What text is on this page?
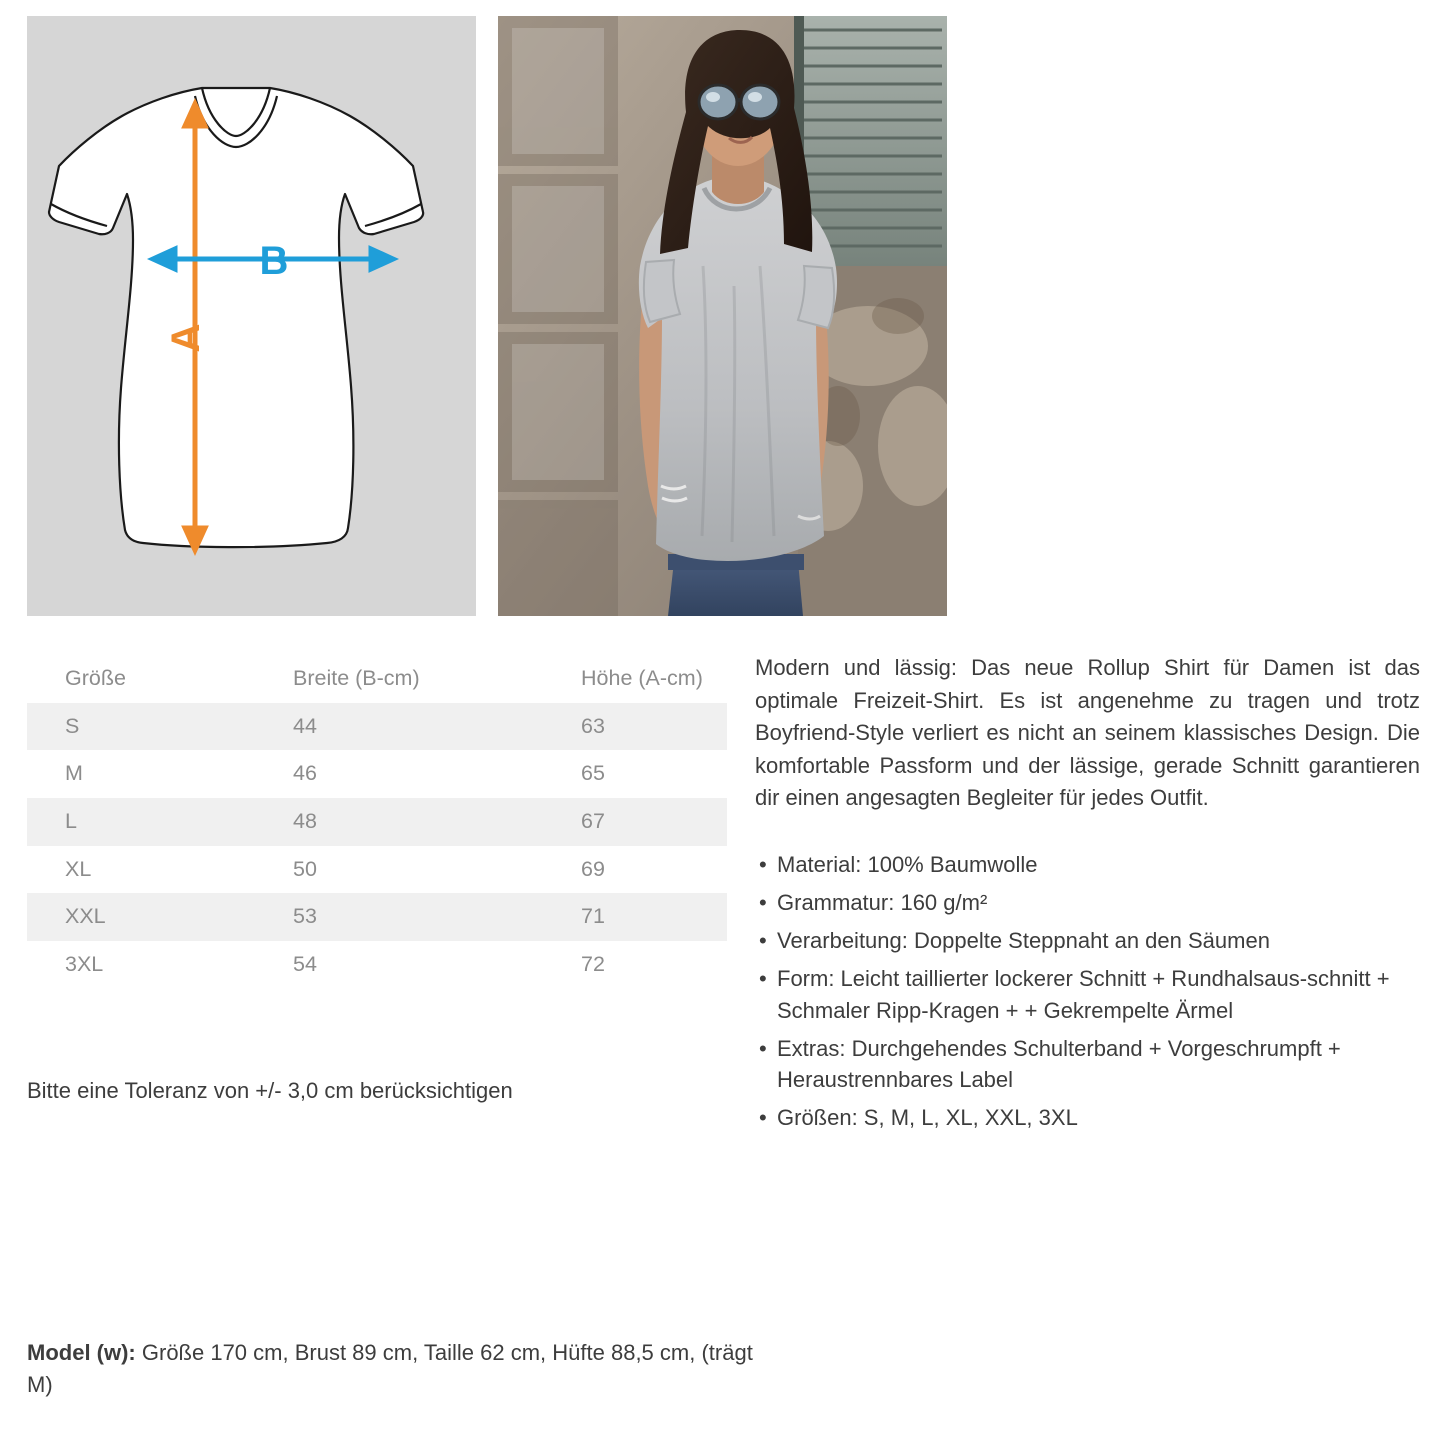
A
B
Größe	Breite (B-cm)	Höhe (A-cm)
S	44	63
M	46	65
L	48	67
XL	50	69
XXL	53	71
3XL	54	72
Bitte eine Toleranz von +/- 3,0 cm berücksichtigen

Modern und lässig: Das neue Rollup Shirt für Damen ist das optimale Freizeit-Shirt. Es ist angenehme zu tragen und trotz Boyfriend-Style verliert es nicht an seinem klassisches Design. Die komfortable Passform und der lässige, gerade Schnitt garantieren dir einen angesagten Begleiter für jedes Outfit.

• Material: 100% Baumwolle
• Grammatur: 160 g/m²
• Verarbeitung: Doppelte Steppnaht an den Säumen
• Form: Leicht taillierter lockerer Schnitt + Rundhalsaus-schnitt + Schmaler Ripp-Kragen + + Gekrempelte Ärmel
• Extras: Durchgehendes Schulterband + Vorgeschrumpft + Heraustrennbares Label
• Größen: S, M, L, XL, XXL, 3XL
Model (w): Größe 170 cm, Brust 89 cm, Taille 62 cm, Hüfte 88,5 cm, (trägt M)
